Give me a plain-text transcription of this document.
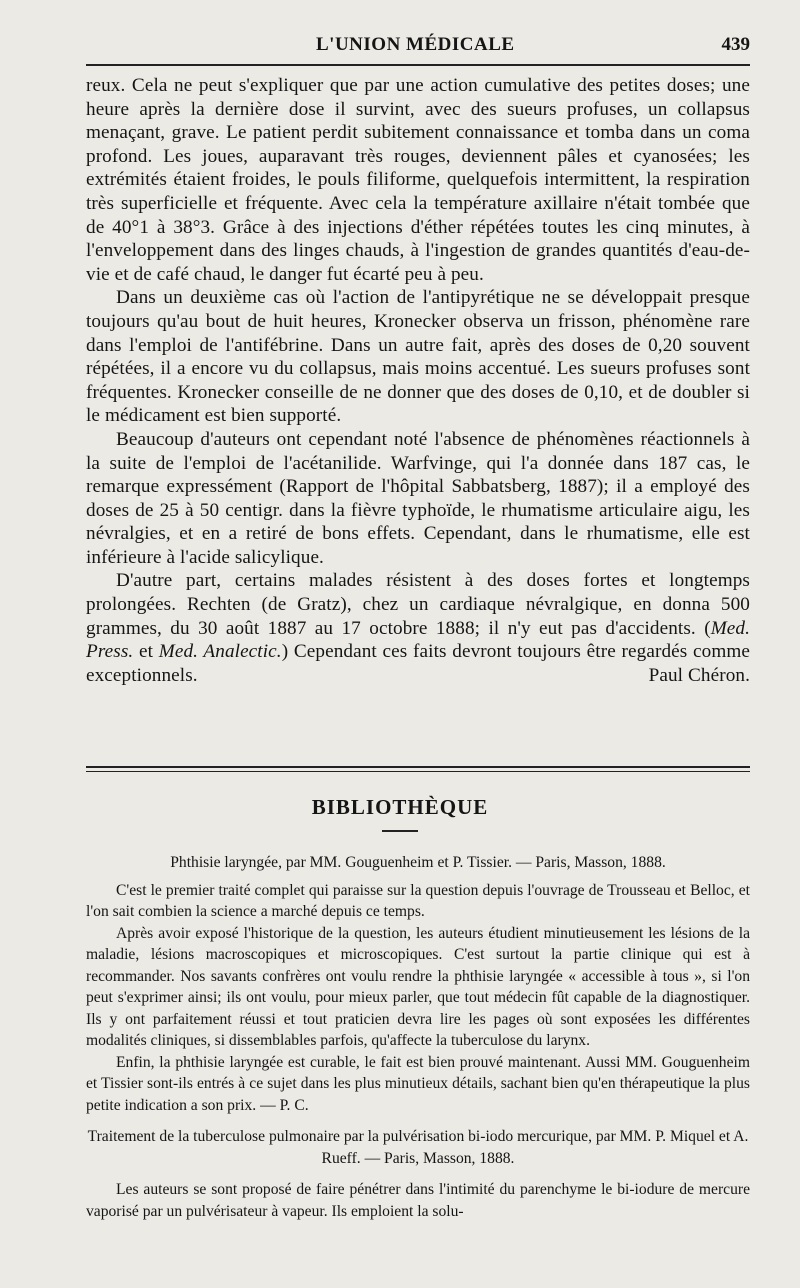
L'UNION MÉDICALE	439

reux. Cela ne peut s'expliquer que par une action cumulative des petites doses; une heure après la dernière dose il survint, avec des sueurs profuses, un collapsus menaçant, grave. Le patient perdit subitement connaissance et tomba dans un coma profond. Les joues, auparavant très rouges, deviennent pâles et cyanosées; les extrémités étaient froides, le pouls filiforme, quelquefois intermittent, la respiration très superficielle et fréquente. Avec cela la température axillaire n'était tombée que de 40°1 à 38°3. Grâce à des injections d'éther répétées toutes les cinq minutes, à l'enveloppement dans des linges chauds, à l'ingestion de grandes quantités d'eau-de-vie et de café chaud, le danger fut écarté peu à peu.

Dans un deuxième cas où l'action de l'antipyrétique ne se développait presque toujours qu'au bout de huit heures, Kronecker observa un frisson, phénomène rare dans l'emploi de l'antifébrine. Dans un autre fait, après des doses de 0,20 souvent répétées, il a encore vu du collapsus, mais moins accentué. Les sueurs profuses sont fréquentes. Kronecker conseille de ne donner que des doses de 0,10, et de doubler si le médicament est bien supporté.

Beaucoup d'auteurs ont cependant noté l'absence de phénomènes réactionnels à la suite de l'emploi de l'acétanilide. Warfvinge, qui l'a donnée dans 187 cas, le remarque expressément (Rapport de l'hôpital Sabbatsberg, 1887); il a employé des doses de 25 à 50 centigr. dans la fièvre typhoïde, le rhumatisme articulaire aigu, les névralgies, et en a retiré de bons effets. Cependant, dans le rhumatisme, elle est inférieure à l'acide salicylique.

D'autre part, certains malades résistent à des doses fortes et longtemps prolongées. Rechten (de Gratz), chez un cardiaque névralgique, en donna 500 grammes, du 30 août 1887 au 17 octobre 1888; il n'y eut pas d'accidents. (Med. Press. et Med. Analectic.) Cependant ces faits devront toujours être regardés comme exceptionnels.	Paul Chéron.

BIBLIOTHÈQUE

Phthisie laryngée, par MM. Gouguenheim et P. Tissier. — Paris, Masson, 1888.

C'est le premier traité complet qui paraisse sur la question depuis l'ouvrage de Trousseau et Belloc, et l'on sait combien la science a marché depuis ce temps.

Après avoir exposé l'historique de la question, les auteurs étudient minutieusement les lésions de la maladie, lésions macroscopiques et microscopiques. C'est surtout la partie clinique qui est à recommander. Nos savants confrères ont voulu rendre la phthisie laryngée « accessible à tous », si l'on peut s'exprimer ainsi; ils ont voulu, pour mieux parler, que tout médecin fût capable de la diagnostiquer. Ils y ont parfaitement réussi et tout praticien devra lire les pages où sont exposées les différentes modalités cliniques, si dissemblables parfois, qu'affecte la tuberculose du larynx.

Enfin, la phthisie laryngée est curable, le fait est bien prouvé maintenant. Aussi MM. Gouguenheim et Tissier sont-ils entrés à ce sujet dans les plus minutieux détails, sachant bien qu'en thérapeutique la plus petite indication a son prix. — P. C.

Traitement de la tuberculose pulmonaire par la pulvérisation bi-iodo mercurique, par MM. P. Miquel et A. Rueff. — Paris, Masson, 1888.

Les auteurs se sont proposé de faire pénétrer dans l'intimité du parenchyme le bi-iodure de mercure vaporisé par un pulvérisateur à vapeur. Ils emploient la solu-
